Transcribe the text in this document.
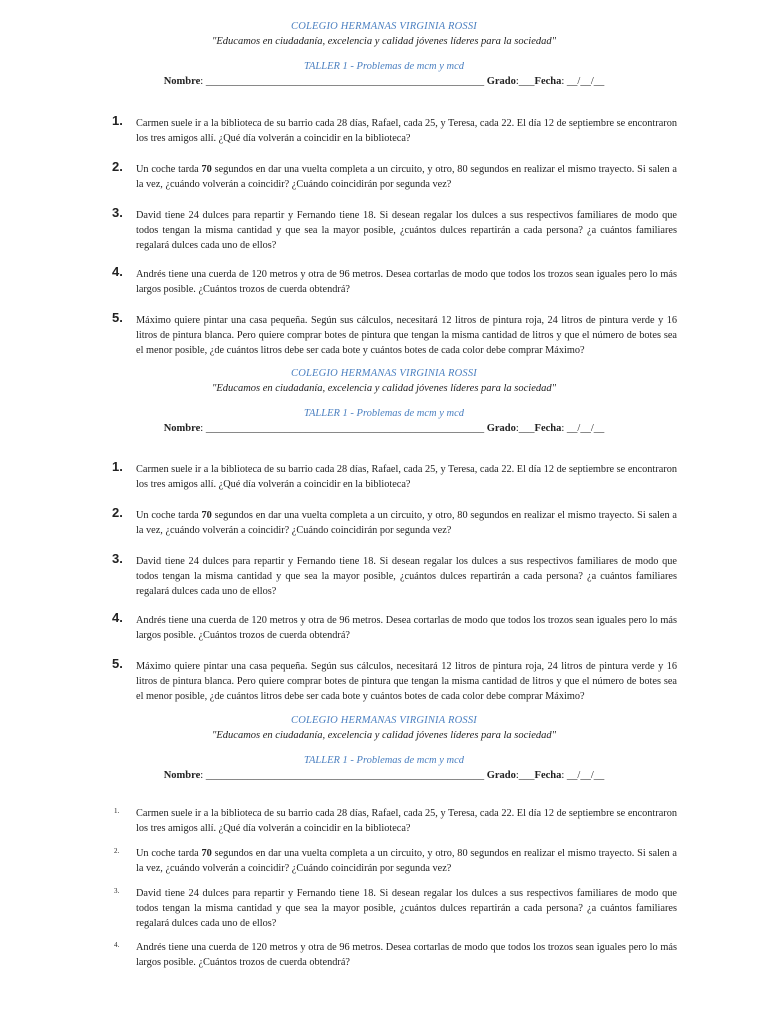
COLEGIO HERMANAS VIRGINIA ROSSI
"Educamos en ciudadanía, excelencia y calidad jóvenes líderes para la sociedad"
TALLER 1 - Problemas de mcm y mcd
Nombre: _____________________________________________________ Grado:___Fecha: __/__/__
1. Carmen suele ir a la biblioteca de su barrio cada 28 días, Rafael, cada 25, y Teresa, cada 22. El día 12 de septiembre se encontraron los tres amigos allí. ¿Qué día volverán a coincidir en la biblioteca?
2. Un coche tarda 70 segundos en dar una vuelta completa a un circuito, y otro, 80 segundos en realizar el mismo trayecto. Si salen a la vez, ¿cuándo volverán a coincidir? ¿Cuándo coincidirán por segunda vez?
3. David tiene 24 dulces para repartir y Fernando tiene 18. Si desean regalar los dulces a sus respectivos familiares de modo que todos tengan la misma cantidad y que sea la mayor posible, ¿cuántos dulces repartirán a cada persona? ¿a cuántos familiares regalará dulces cada uno de ellos?
4. Andrés tiene una cuerda de 120 metros y otra de 96 metros. Desea cortarlas de modo que todos los trozos sean iguales pero lo más largos posible. ¿Cuántos trozos de cuerda obtendrá?
5. Máximo quiere pintar una casa pequeña. Según sus cálculos, necesitará 12 litros de pintura roja, 24 litros de pintura verde y 16 litros de pintura blanca. Pero quiere comprar botes de pintura que tengan la misma cantidad de litros y que el número de botes sea el menor posible, ¿de cuántos litros debe ser cada bote y cuántos botes de cada color debe comprar Máximo?
COLEGIO HERMANAS VIRGINIA ROSSI
"Educamos en ciudadanía, excelencia y calidad jóvenes líderes para la sociedad"
TALLER 1 - Problemas de mcm y mcd
Nombre: _____________________________________________________ Grado:___Fecha: __/__/__
1. Carmen suele ir a la biblioteca de su barrio cada 28 días, Rafael, cada 25, y Teresa, cada 22. El día 12 de septiembre se encontraron los tres amigos allí. ¿Qué día volverán a coincidir en la biblioteca?
2. Un coche tarda 70 segundos en dar una vuelta completa a un circuito, y otro, 80 segundos en realizar el mismo trayecto. Si salen a la vez, ¿cuándo volverán a coincidir? ¿Cuándo coincidirán por segunda vez?
3. David tiene 24 dulces para repartir y Fernando tiene 18. Si desean regalar los dulces a sus respectivos familiares de modo que todos tengan la misma cantidad y que sea la mayor posible, ¿cuántos dulces repartirán a cada persona? ¿a cuántos familiares regalará dulces cada uno de ellos?
4. Andrés tiene una cuerda de 120 metros y otra de 96 metros. Desea cortarlas de modo que todos los trozos sean iguales pero lo más largos posible. ¿Cuántos trozos de cuerda obtendrá?
5. Máximo quiere pintar una casa pequeña. Según sus cálculos, necesitará 12 litros de pintura roja, 24 litros de pintura verde y 16 litros de pintura blanca. Pero quiere comprar botes de pintura que tengan la misma cantidad de litros y que el número de botes sea el menor posible, ¿de cuántos litros debe ser cada bote y cuántos botes de cada color debe comprar Máximo?
COLEGIO HERMANAS VIRGINIA ROSSI
"Educamos en ciudadanía, excelencia y calidad jóvenes líderes para la sociedad"
TALLER 1 - Problemas de mcm y mcd
Nombre: _____________________________________________________ Grado:___Fecha: __/__/__
1. Carmen suele ir a la biblioteca de su barrio cada 28 días, Rafael, cada 25, y Teresa, cada 22. El día 12 de septiembre se encontraron los tres amigos allí. ¿Qué día volverán a coincidir en la biblioteca?
2. Un coche tarda 70 segundos en dar una vuelta completa a un circuito, y otro, 80 segundos en realizar el mismo trayecto. Si salen a la vez, ¿cuándo volverán a coincidir? ¿Cuándo coincidirán por segunda vez?
3. David tiene 24 dulces para repartir y Fernando tiene 18. Si desean regalar los dulces a sus respectivos familiares de modo que todos tengan la misma cantidad y que sea la mayor posible, ¿cuántos dulces repartirán a cada persona? ¿a cuántos familiares regalará dulces cada uno de ellos?
4. Andrés tiene una cuerda de 120 metros y otra de 96 metros. Desea cortarlas de modo que todos los trozos sean iguales pero lo más largos posible. ¿Cuántos trozos de cuerda obtendrá?
